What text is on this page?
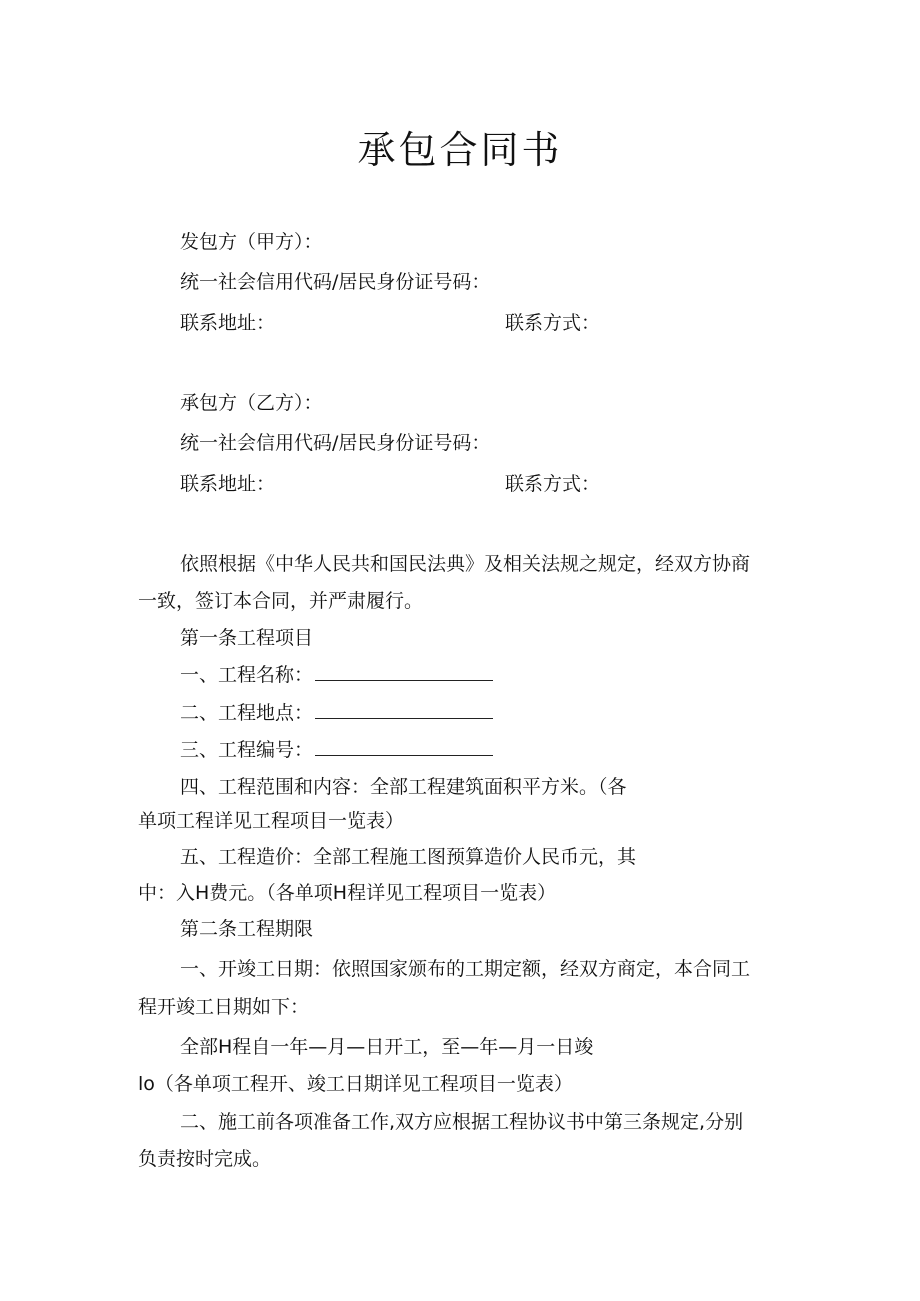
承包合同书
发包方（甲方）：
统一社会信用代码/居民身份证号码：
联系地址：	联系方式：
承包方（乙方）：
统一社会信用代码/居民身份证号码：
联系地址：	联系方式：
依照根据《中华人民共和国民法典》及相关法规之规定，经双方协商
一致，签订本合同，并严肃履行。
第一条工程项目
一、工程名称：
二、工程地点：
三、工程编号：
四、工程范围和内容：全部工程建筑面积平方米。（各
单项工程详见工程项目一览表）
五、工程造价：全部工程施工图预算造价人民币元，其
中：入H费元。（各单项H程详见工程项目一览表）
第二条工程期限
一、开竣工日期：依照国家颁布的工期定额，经双方商定，本合同工
程开竣工日期如下：
全部H程自一年—月—日开工，至—年—月一日竣
lo（各单项工程开、竣工日期详见工程项目一览表）
二、施工前各项准备工作,双方应根据工程协议书中第三条规定,分别
负责按时完成。
